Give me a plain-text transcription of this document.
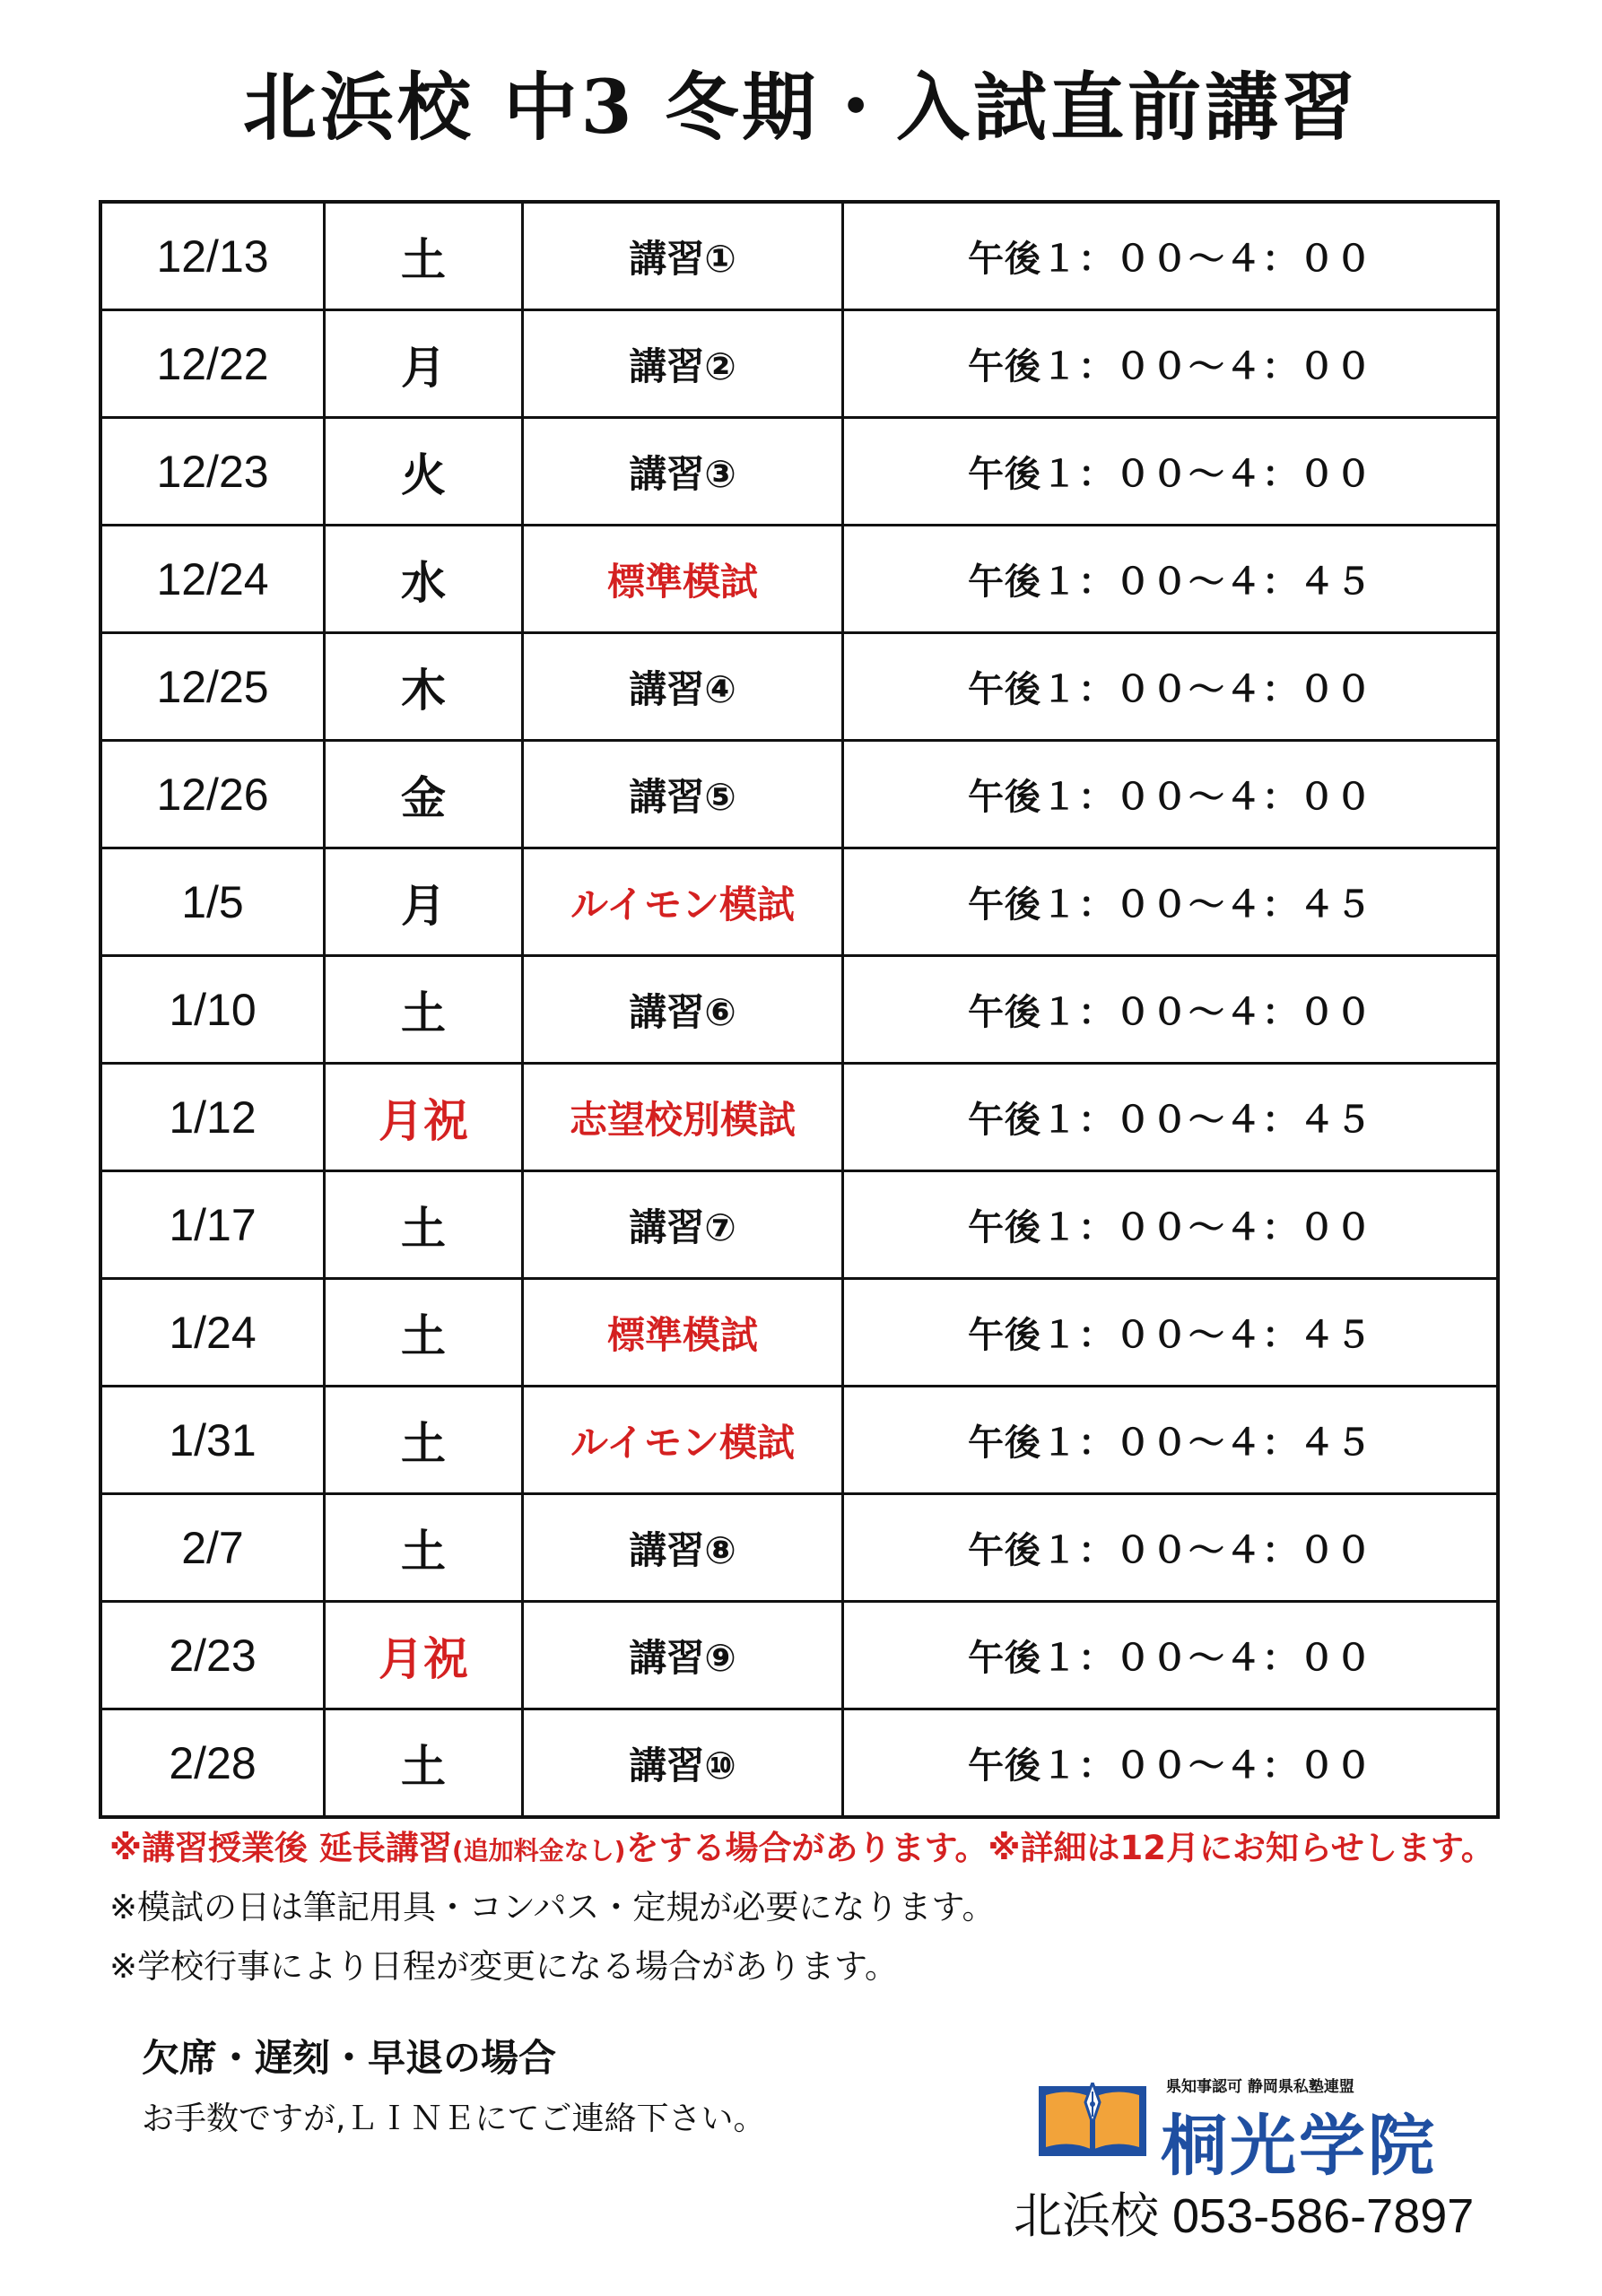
北浜校 中3 冬期・入試直前講習
12/13	土	講習①	午後１：００～４：００
12/22	月	講習②	午後１：００～４：００
12/23	火	講習③	午後１：００～４：００
12/24	水	標準模試	午後１：００～４：４５
12/25	木	講習④	午後１：００～４：００
12/26	金	講習⑤	午後１：００～４：００
1/5	月	ルイモン模試	午後１：００～４：４５
1/10	土	講習⑥	午後１：００～４：００
1/12	月祝	志望校別模試	午後１：００～４：４５
1/17	土	講習⑦	午後１：００～４：００
1/24	土	標準模試	午後１：００～４：４５
1/31	土	ルイモン模試	午後１：００～４：４５
2/7	土	講習⑧	午後１：００～４：００
2/23	月祝	講習⑨	午後１：００～４：００
2/28	土	講習⑩	午後１：００～４：００

※講習授業後 延長講習(追加料金なし)をする場合があります。※詳細は12月にお知らせします。

※模試の日は筆記用具・コンパス・定規が必要になります。

※学校行事により日程が変更になる場合があります。

欠席・遅刻・早退の場合

お手数ですが,ＬＩＮＥにてご連絡下さい。

県知事認可 静岡県私塾連盟
桐光学院
北浜校 053-586-7897
